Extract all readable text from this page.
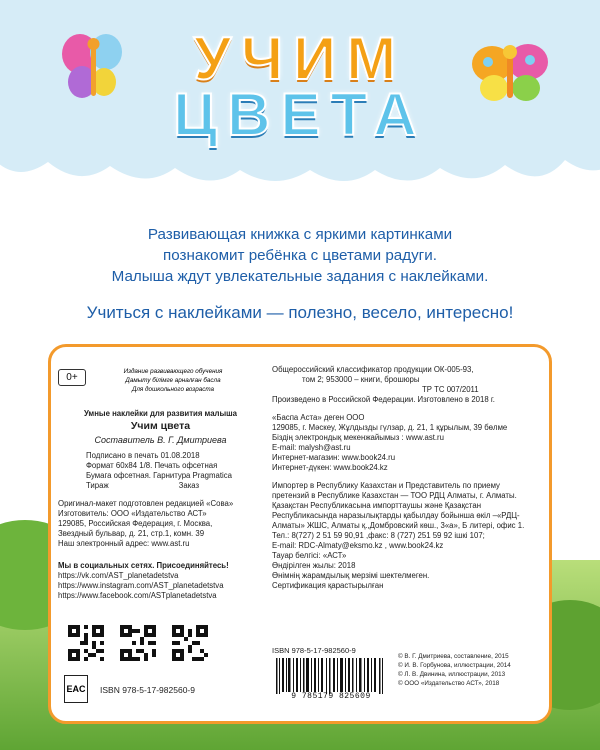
УЧИМ
ЦВЕТА
Развивающая книжка с яркими картинками
познакомит ребёнка с цветами радуги.
Малыша ждут увлекательные задания с наклейками.
Учиться с наклейками — полезно, весело, интересно!
0+
Издание развивающего обучения
Дамыту білімге арналған басла
Для дошкольного возраста
Умные наклейки для развития малыша
Учим цвета
Составитель В. Г. Дмитриева
Подписано в печать 01.08.2018
Формат 60x84 1/8. Печать офсетная
Бумага офсетная. Гарнитура Pragmatica
Тираж	Заказ
Оригинал-макет подготовлен редакцией «Сова»
Изготовитель: ООО «Издательство АСТ»
129085, Российская Федерация, г. Москва,
Звездный бульвар, д. 21, стр.1, комн. 39
Наш электронный адрес: www.ast.ru
Мы в социальных сетях. Присоединяйтесь!
https://vk.com/AST_planetadetstva
https://www.instagram.com/AST_planetadetstva
https://www.facebook.com/ASTplanetadetstva
EAC ISBN 978-5-17-982560-9
Общероссийский классификатор продукции ОК-005-93,
том 2; 953000 – книги, брошюры
ТР ТС 007/2011
Произведено в Российской Федерации. Изготовлено в 2018 г.
«Баспа Аста» деген ООО
129085, г. Мәскеу, Жұлдызды гүлзар, д. 21, 1 құрылым, 39 бөлме
Біздің электрондық мекенжайымыз : www.ast.ru
E-mail: malysh@ast.ru
Интернет-магазин: www.book24.ru
Интернет-дүкен: www.book24.kz
Импортер в Республику Казахстан и Представитель по приему
претензий в Республике Казахстан — ТОО РДЦ Алматы, г. Алматы.
Қазақстан Республикасына импорттаушы және Қазақстан
Республикасында наразылықтарды қабылдау бойынша өкіл –«РДЦ-
Алматы» ЖШС, Алматы қ.,Домбровский көш., 3«а», Б литері, офис 1.
Тел.: 8(727) 2 51 59 90,91 ,факс: 8 (727) 251 59 92 ішкі 107;
E-mail: RDC-Almaty@eksmo.kz , www.book24.kz
Тауар белгісі: «АСТ»
Өндірілген жылы: 2018
Өнімнің жарамдылық мерзімі шектелмеген.
Сертификация қарастырылған
ISBN 978-5-17-982560-9
9 785179 825609
© В. Г. Дмитриева, составление, 2015
© И. В. Горбунова, иллюстрации, 2014
© Л. В. Двинина, иллюстрации, 2013
© ООО «Издательство АСТ», 2018
